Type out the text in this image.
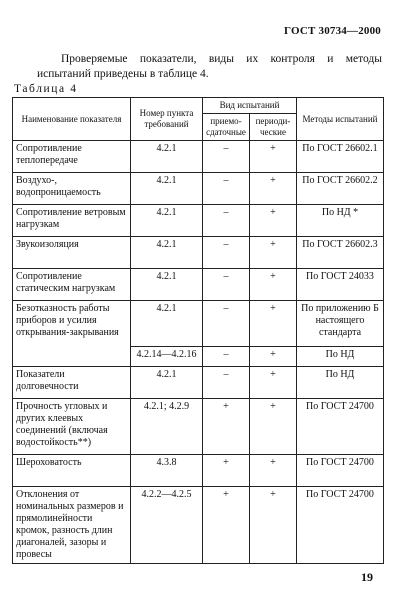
ГОСТ 30734—2000

Проверяемые показатели, виды их контроля и методы испытаний приведены в таблице 4.

Таблица 4
Наименование показателя	Номер пункта требований	Вид испытаний		Методы испытаний
		приемо-сдаточные	периоди-ческие	
Сопротивление теплопередаче	4.2.1	–	+	По ГОСТ 26602.1
Воздухо-, водопроницаемость	4.2.1	–	+	По ГОСТ 26602.2
Сопротивление ветровым нагрузкам	4.2.1	–	+	По НД *
Звукоизоляция	4.2.1	–	+	По ГОСТ 26602.3
Сопротивление статическим нагрузкам	4.2.1	–	+	По ГОСТ 24033
Безотказность работы приборов и усилия открывания-закрывания	4.2.1	–	+	По приложению Б настоящего стандарта
	4.2.14—4.2.16	–	+	По НД
Показатели долговечности	4.2.1	–	+	По НД
Прочность угловых и других клеевых соединений (включая водостойкость**)	4.2.1; 4.2.9	+	+	По ГОСТ 24700
Шероховатость	4.3.8	+	+	По ГОСТ 24700
Отклонения от номинальных размеров и прямолинейности кромок, разность длин диагоналей, зазоры и провесы	4.2.2—4.2.5	+	+	По ГОСТ 24700
19
